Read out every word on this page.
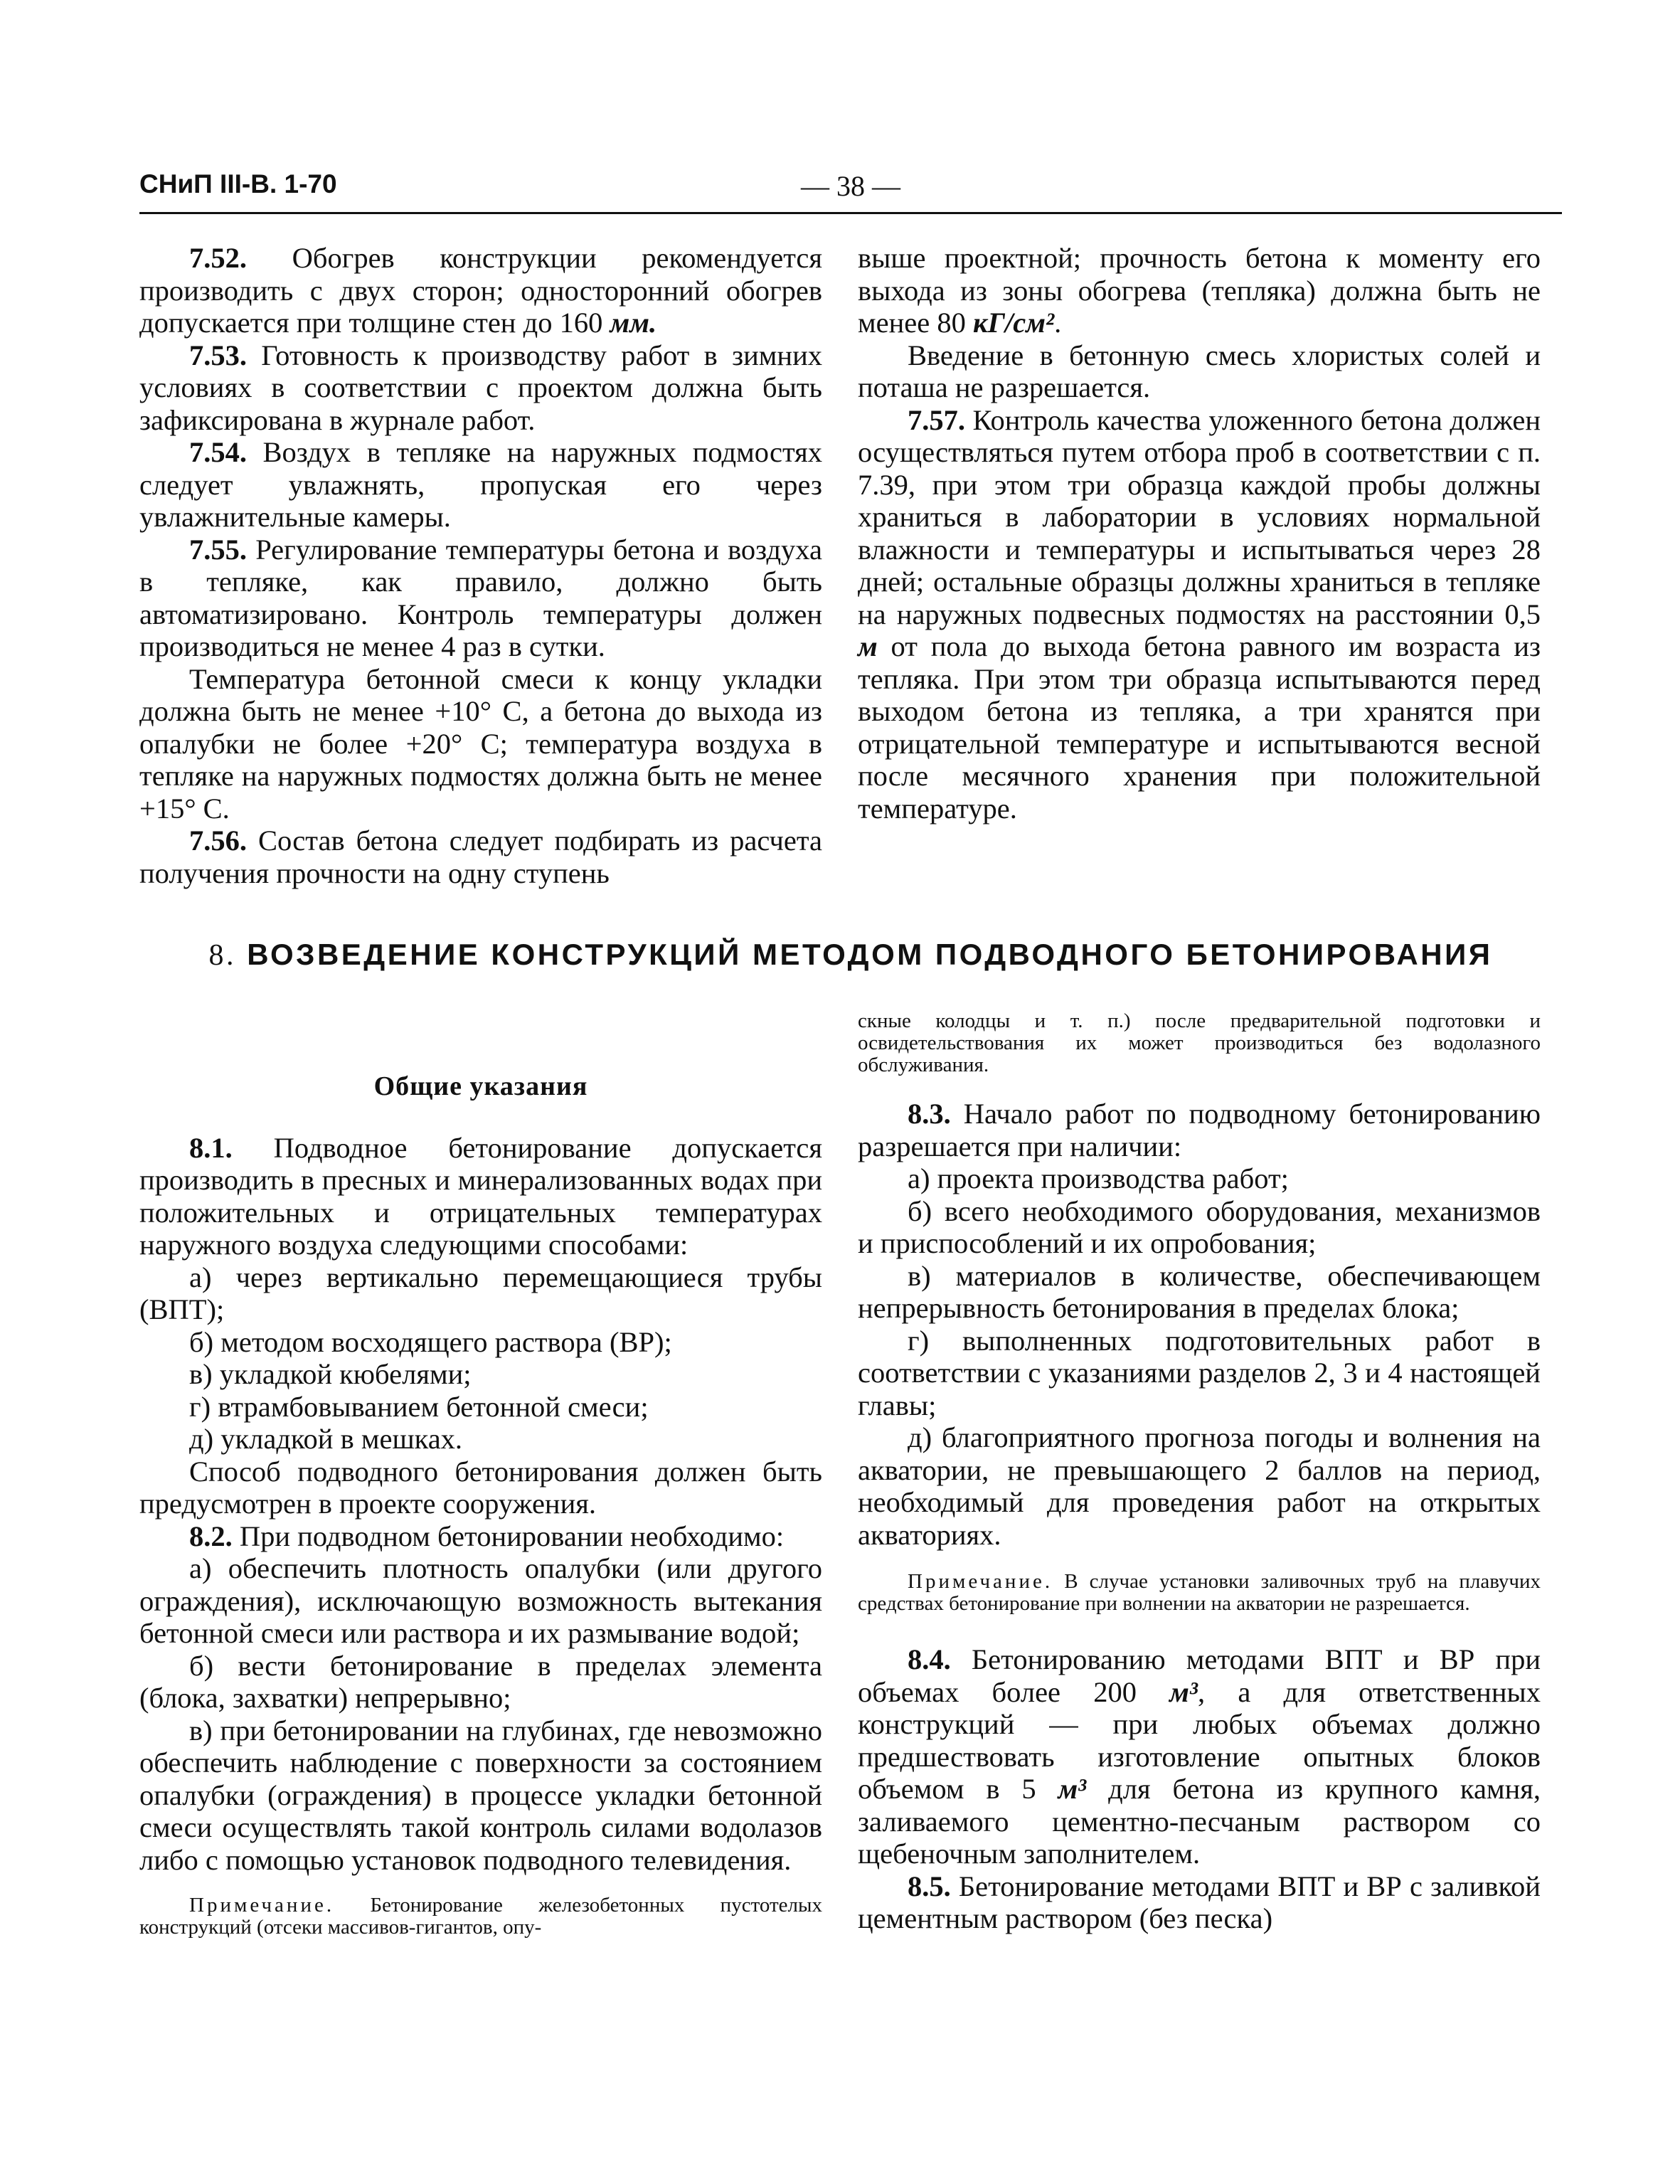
СНиП III-В. 1-70	— 38 —

7.52. Обогрев конструкции рекомендуется производить с двух сторон; односторонний обогрев допускается при толщине стен до 160 мм.

7.53. Готовность к производству работ в зимних условиях в соответствии с проектом должна быть зафиксирована в журнале работ.

7.54. Воздух в тепляке на наружных подмостях следует увлажнять, пропуская его через увлажнительные камеры.

7.55. Регулирование температуры бетона и воздуха в тепляке, как правило, должно быть автоматизировано. Контроль температуры должен производиться не менее 4 раз в сутки.

Температура бетонной смеси к концу укладки должна быть не менее +10° С, а бетона до выхода из опалубки не более +20° С; температура воздуха в тепляке на наружных подмостях должна быть не менее +15° С.

7.56. Состав бетона следует подбирать из расчета получения прочности на одну ступень

выше проектной; прочность бетона к моменту его выхода из зоны обогрева (тепляка) должна быть не менее 80 кГ/см².

Введение в бетонную смесь хлористых солей и поташа не разрешается.

7.57. Контроль качества уложенного бетона должен осуществляться путем отбора проб в соответствии с п. 7.39, при этом три образца каждой пробы должны храниться в лаборатории в условиях нормальной влажности и температуры и испытываться через 28 дней; остальные образцы должны храниться в тепляке на наружных подвесных подмостях на расстоянии 0,5 м от пола до выхода бетона равного им возраста из тепляка. При этом три образца испытываются перед выходом бетона из тепляка, а три хранятся при отрицательной температуре и испытываются весной после месячного хранения при положительной температуре.

8. ВОЗВЕДЕНИЕ КОНСТРУКЦИЙ МЕТОДОМ ПОДВОДНОГО БЕТОНИРОВАНИЯ
Общие указания

8.1. Подводное бетонирование допускается производить в пресных и минерализованных водах при положительных и отрицательных температурах наружного воздуха следующими способами:

а) через вертикально перемещающиеся трубы (ВПТ);

б) методом восходящего раствора (ВР);

в) укладкой кюбелями;

г) втрамбовыванием бетонной смеси;

д) укладкой в мешках.

Способ подводного бетонирования должен быть предусмотрен в проекте сооружения.

8.2. При подводном бетонировании необходимо:

а) обеспечить плотность опалубки (или другого ограждения), исключающую возможность вытекания бетонной смеси или раствора и их размывание водой;

б) вести бетонирование в пределах элемента (блока, захватки) непрерывно;

в) при бетонировании на глубинах, где невозможно обеспечить наблюдение с поверхности за состоянием опалубки (ограждения) в процессе укладки бетонной смеси осуществлять такой контроль силами водолазов либо с помощью установок подводного телевидения.

Примечание. Бетонирование железобетонных пустотелых конструкций (отсеки массивов-гигантов, опу-

скные колодцы и т. п.) после предварительной подготовки и освидетельствования их может производиться без водолазного обслуживания.

8.3. Начало работ по подводному бетонированию разрешается при наличии:

а) проекта производства работ;

б) всего необходимого оборудования, механизмов и приспособлений и их опробования;

в) материалов в количестве, обеспечивающем непрерывность бетонирования в пределах блока;

г) выполненных подготовительных работ в соответствии с указаниями разделов 2, 3 и 4 настоящей главы;

д) благоприятного прогноза погоды и волнения на акватории, не превышающего 2 баллов на период, необходимый для проведения работ на открытых акваториях.

Примечание. В случае установки заливочных труб на плавучих средствах бетонирование при волнении на акватории не разрешается.

8.4. Бетонированию методами ВПТ и ВР при объемах более 200 м³, а для ответственных конструкций — при любых объемах должно предшествовать изготовление опытных блоков объемом в 5 м³ для бетона из крупного камня, заливаемого цементно-песчаным раствором со щебеночным заполнителем.

8.5. Бетонирование методами ВПТ и ВР с заливкой цементным раствором (без песка)
